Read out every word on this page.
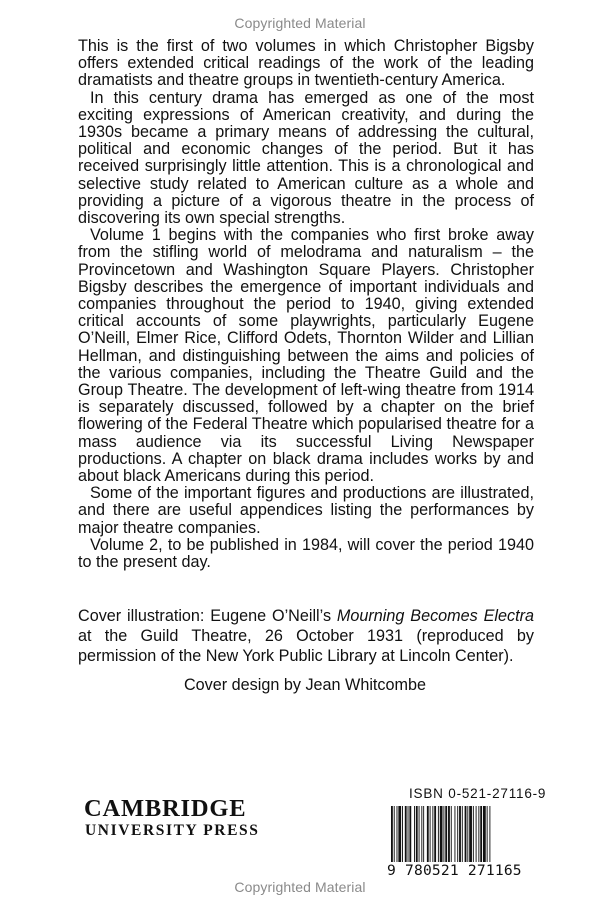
Copyrighted Material

This is the first of two volumes in which Christopher Bigsby offers extended critical readings of the work of the leading dramatists and theatre groups in twentieth-century America.

In this century drama has emerged as one of the most exciting expressions of American creativity, and during the 1930s became a primary means of addressing the cultural, political and economic changes of the period. But it has received surprisingly little attention. This is a chronological and selective study related to American culture as a whole and providing a picture of a vigorous theatre in the process of discovering its own special strengths.

Volume 1 begins with the companies who first broke away from the stifling world of melodrama and naturalism – the Provincetown and Washington Square Players. Christopher Bigsby describes the emergence of important individuals and companies throughout the period to 1940, giving extended critical accounts of some playwrights, particularly Eugene O’Neill, Elmer Rice, Clifford Odets, Thornton Wilder and Lillian Hellman, and distinguishing between the aims and policies of the various companies, including the Theatre Guild and the Group Theatre. The development of left-wing theatre from 1914 is separately discussed, followed by a chapter on the brief flowering of the Federal Theatre which popularised theatre for a mass audience via its successful Living Newspaper productions. A chapter on black drama includes works by and about black Americans during this period.

Some of the important figures and productions are illustrated, and there are useful appendices listing the performances by major theatre companies.

Volume 2, to be published in 1984, will cover the period 1940 to the present day.

Cover illustration: Eugene O’Neill’s Mourning Becomes Electra at the Guild Theatre, 26 October 1931 (reproduced by permission of the New York Public Library at Lincoln Center).
Cover design by Jean Whitcombe
CAMBRIDGE
UNIVERSITY PRESS
ISBN 0-521-27116-9
9 780521 271165
Copyrighted Material
